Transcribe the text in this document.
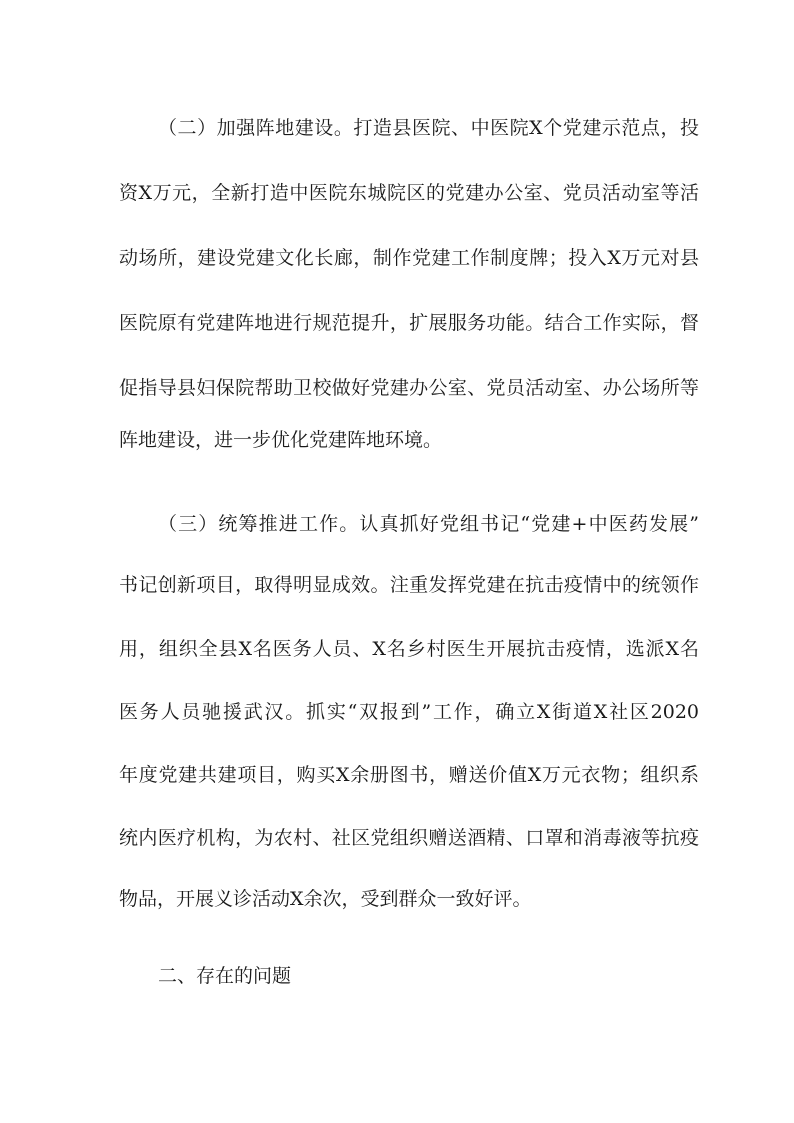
（二）加强阵地建设。打造县医院、中医院X个党建示范点，投
资X万元，全新打造中医院东城院区的党建办公室、党员活动室等活
动场所，建设党建文化长廊，制作党建工作制度牌；投入X万元对县
医院原有党建阵地进行规范提升，扩展服务功能。结合工作实际，督
促指导县妇保院帮助卫校做好党建办公室、党员活动室、办公场所等
阵地建设，进一步优化党建阵地环境。
（三）统筹推进工作。认真抓好党组书记“党建+中医药发展”
书记创新项目，取得明显成效。注重发挥党建在抗击疫情中的统领作
用，组织全县X名医务人员、X名乡村医生开展抗击疫情，选派X名
医务人员驰援武汉。抓实“双报到”工作，确立X街道X社区2020
年度党建共建项目，购买X余册图书，赠送价值X万元衣物；组织系
统内医疗机构，为农村、社区党组织赠送酒精、口罩和消毒液等抗疫
物品，开展义诊活动X余次，受到群众一致好评。
二、存在的问题
